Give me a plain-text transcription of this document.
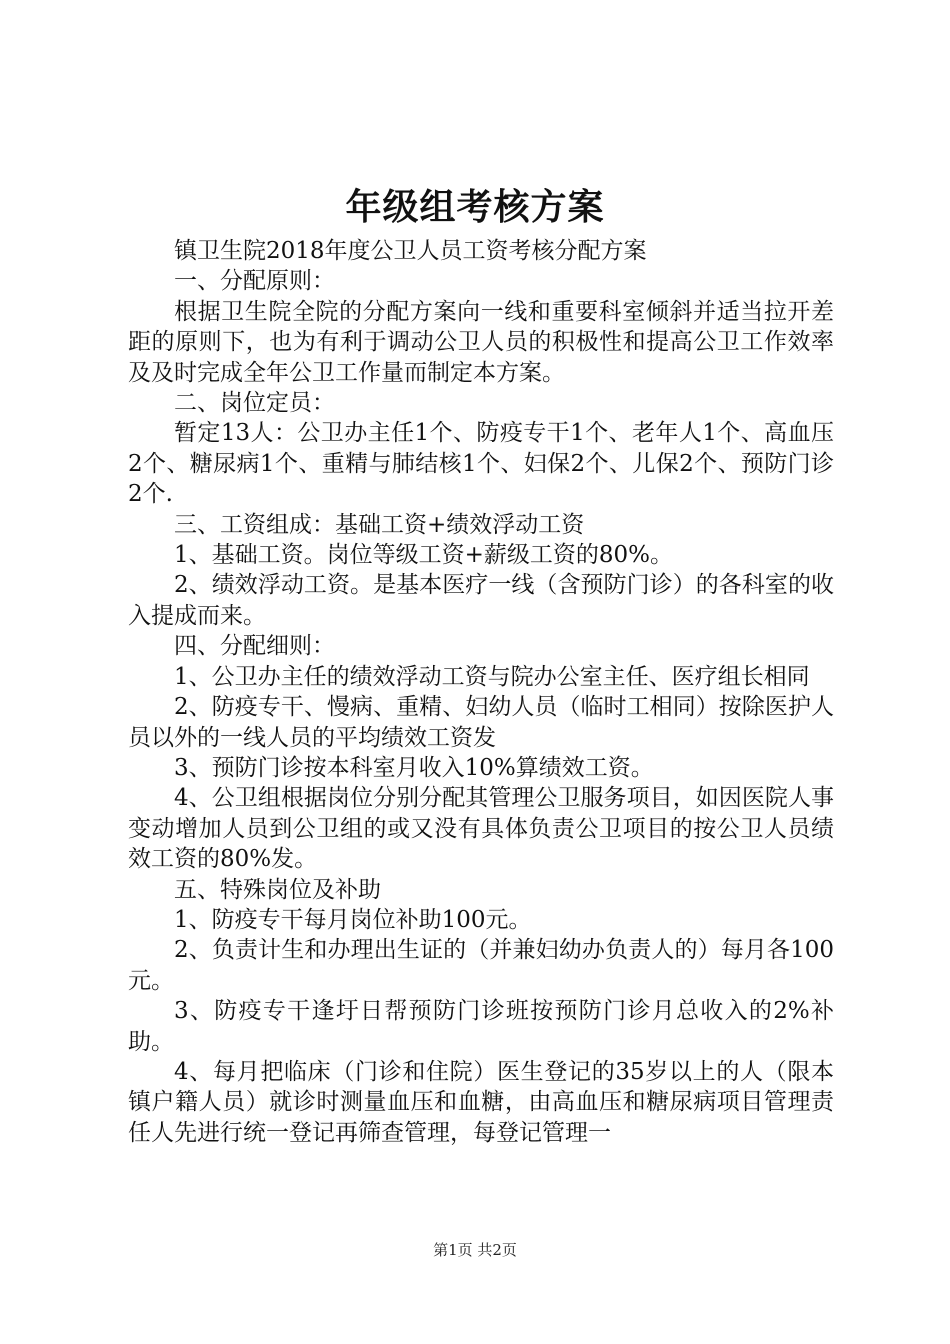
年级组考核方案

镇卫生院2018年度公卫人员工资考核分配方案

一、分配原则：

根据卫生院全院的分配方案向一线和重要科室倾斜并适当拉开差距的原则下，也为有利于调动公卫人员的积极性和提高公卫工作效率及及时完成全年公卫工作量而制定本方案。

二、岗位定员：

暂定13人：公卫办主任1个、防疫专干1个、老年人1个、高血压2个、糖尿病1个、重精与肺结核1个、妇保2个、儿保2个、预防门诊2个.

三、工资组成：基础工资+绩效浮动工资

1、基础工资。岗位等级工资+薪级工资的80%。

2、绩效浮动工资。是基本医疗一线（含预防门诊）的各科室的收入提成而来。

四、分配细则：

1、公卫办主任的绩效浮动工资与院办公室主任、医疗组长相同

2、防疫专干、慢病、重精、妇幼人员（临时工相同）按除医护人员以外的一线人员的平均绩效工资发

3、预防门诊按本科室月收入10%算绩效工资。

4、公卫组根据岗位分别分配其管理公卫服务项目，如因医院人事变动增加人员到公卫组的或又没有具体负责公卫项目的按公卫人员绩效工资的80%发。

五、特殊岗位及补助

1、防疫专干每月岗位补助100元。

2、负责计生和办理出生证的（并兼妇幼办负责人的）每月各100元。

3、防疫专干逢圩日帮预防门诊班按预防门诊月总收入的2%补助。

4、每月把临床（门诊和住院）医生登记的35岁以上的人（限本镇户籍人员）就诊时测量血压和血糖，由高血压和糖尿病项目管理责任人先进行统一登记再筛查管理，每登记管理一

第1页 共2页
